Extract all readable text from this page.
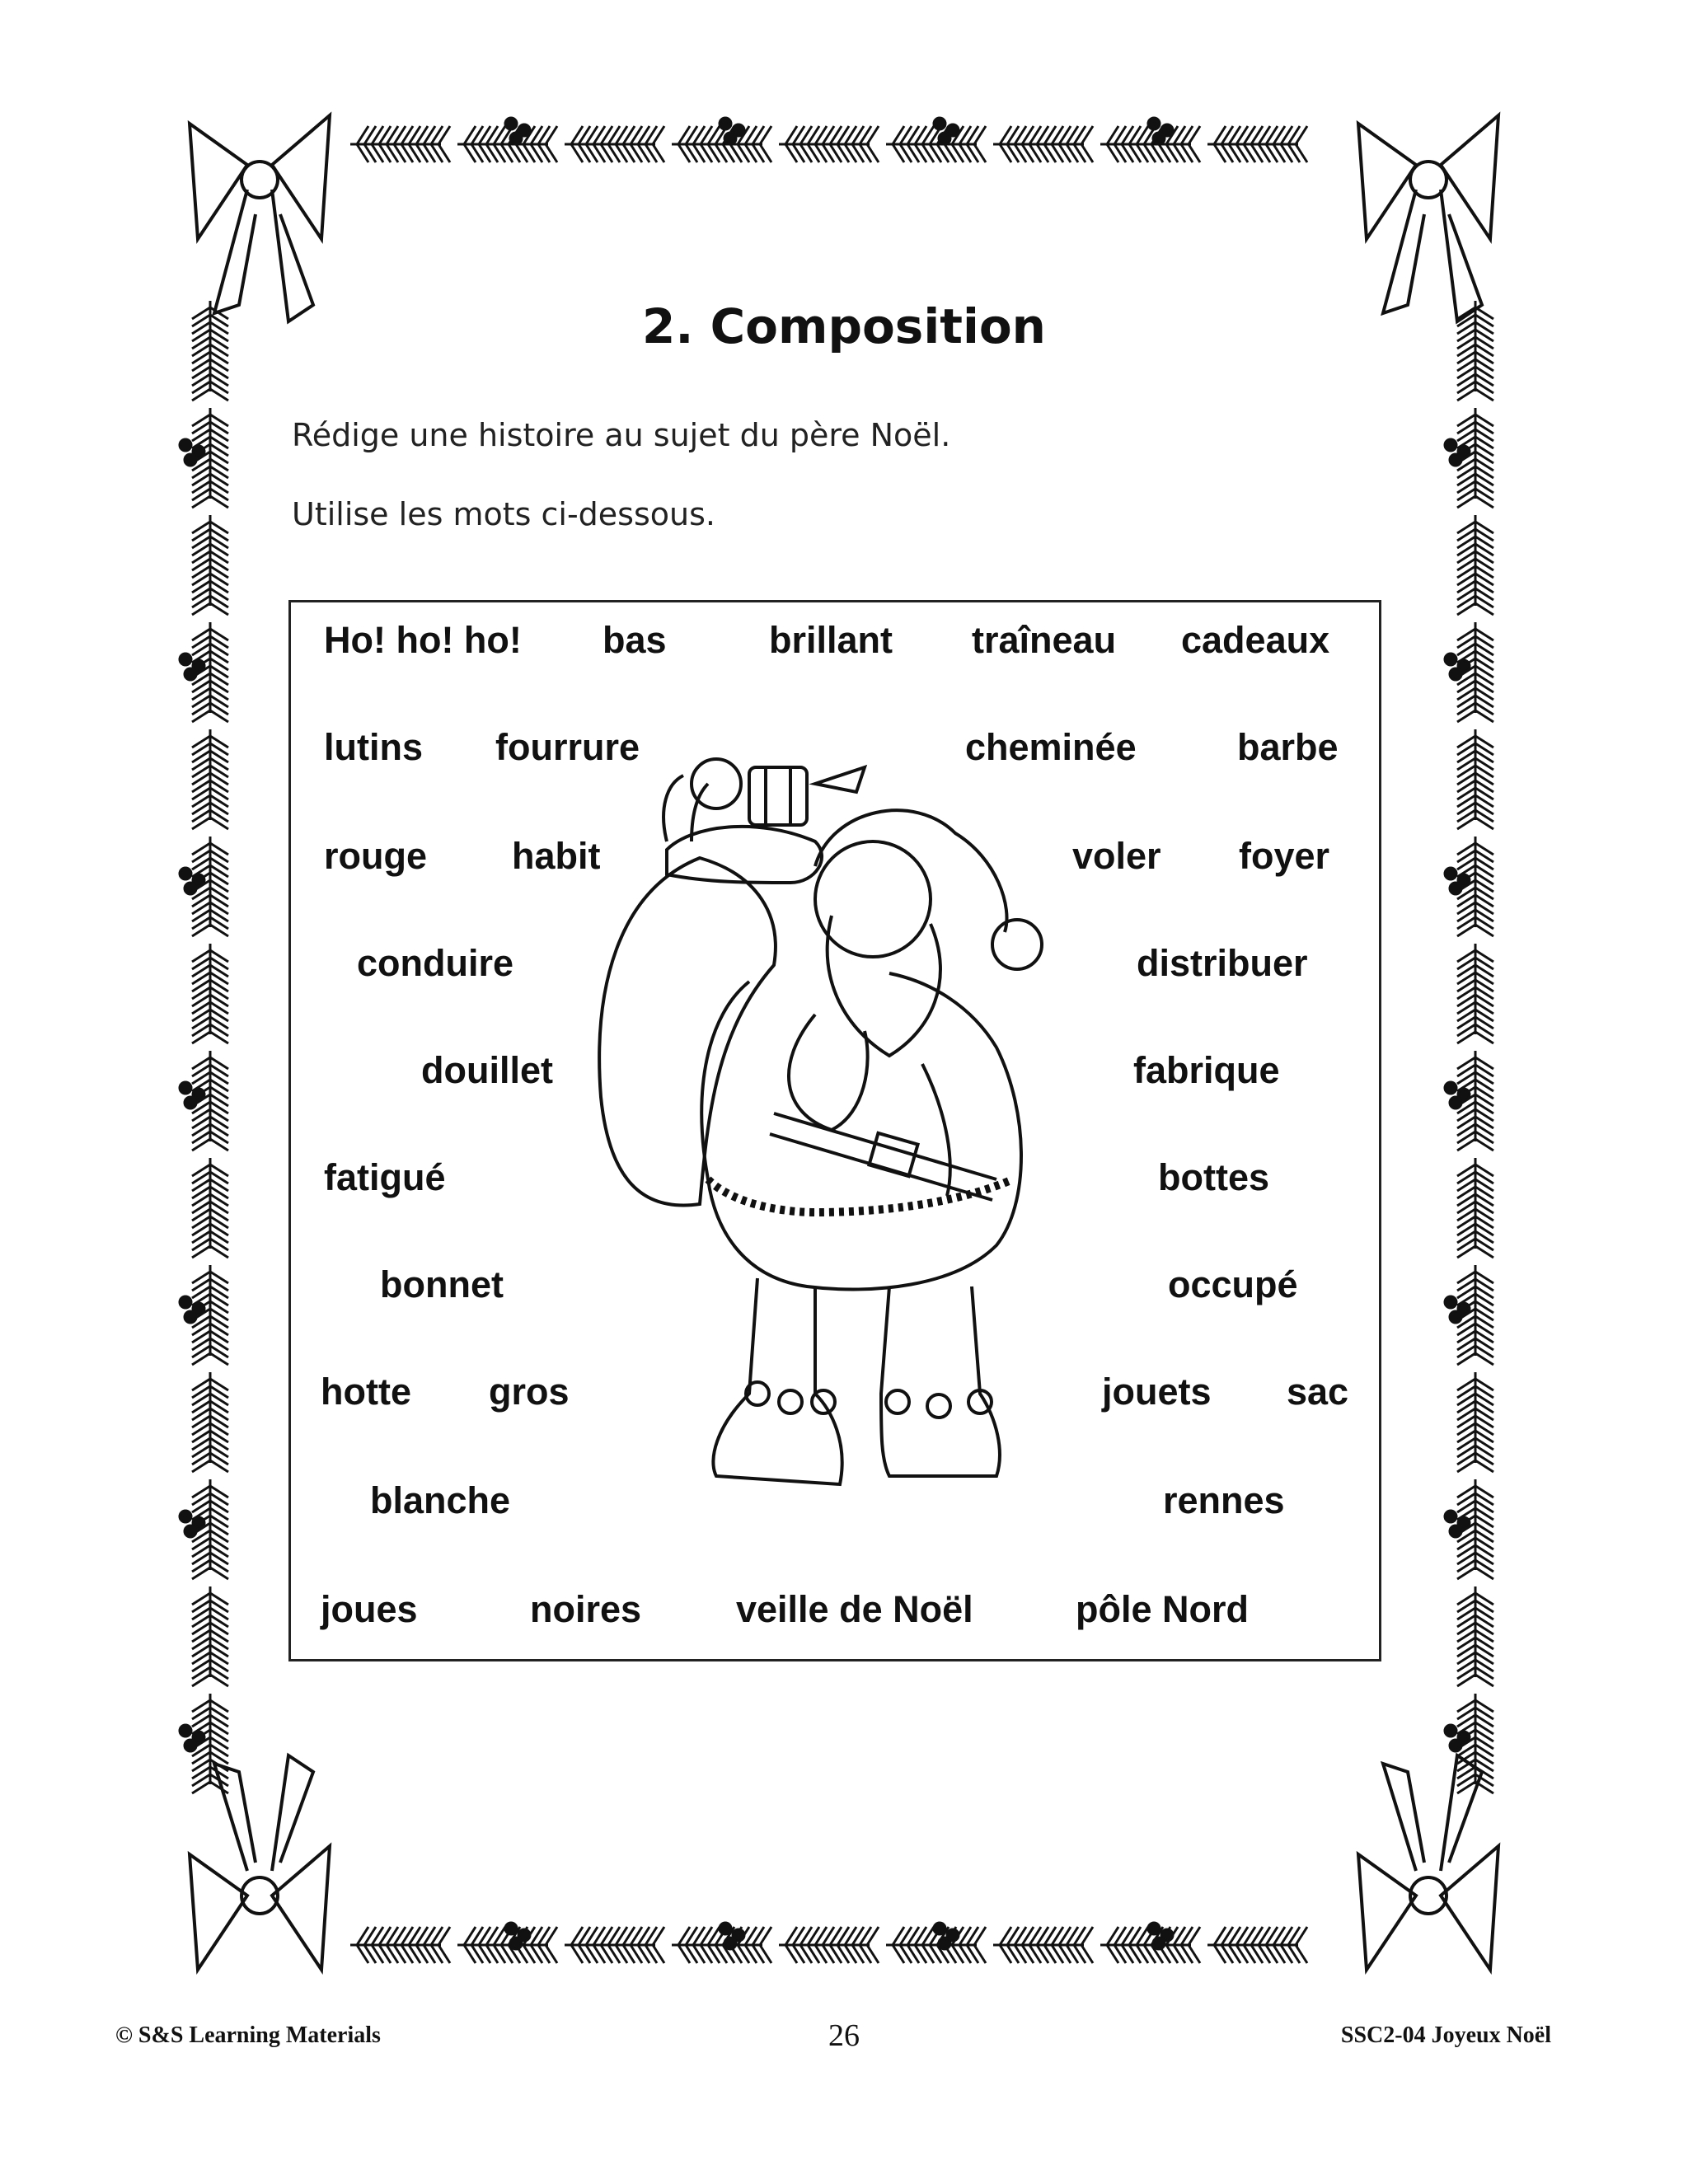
2. Composition
Rédige une histoire au sujet du père Noël.
Utilise les mots ci-dessous.
Ho! ho! ho! bas	brillant traîneau cadeaux
lutins fourrure	cheminée	barbe
rouge habit	voler foyer
conduire	distribuer
douillet	fabrique
fatigué	bottes
bonnet	occupé
hotte gros	jouets sac
blanche	rennes
joues	noires	veille de Noël	pôle Nord
© S&S Learning Materials	26	SSC2-04 Joyeux Noël
